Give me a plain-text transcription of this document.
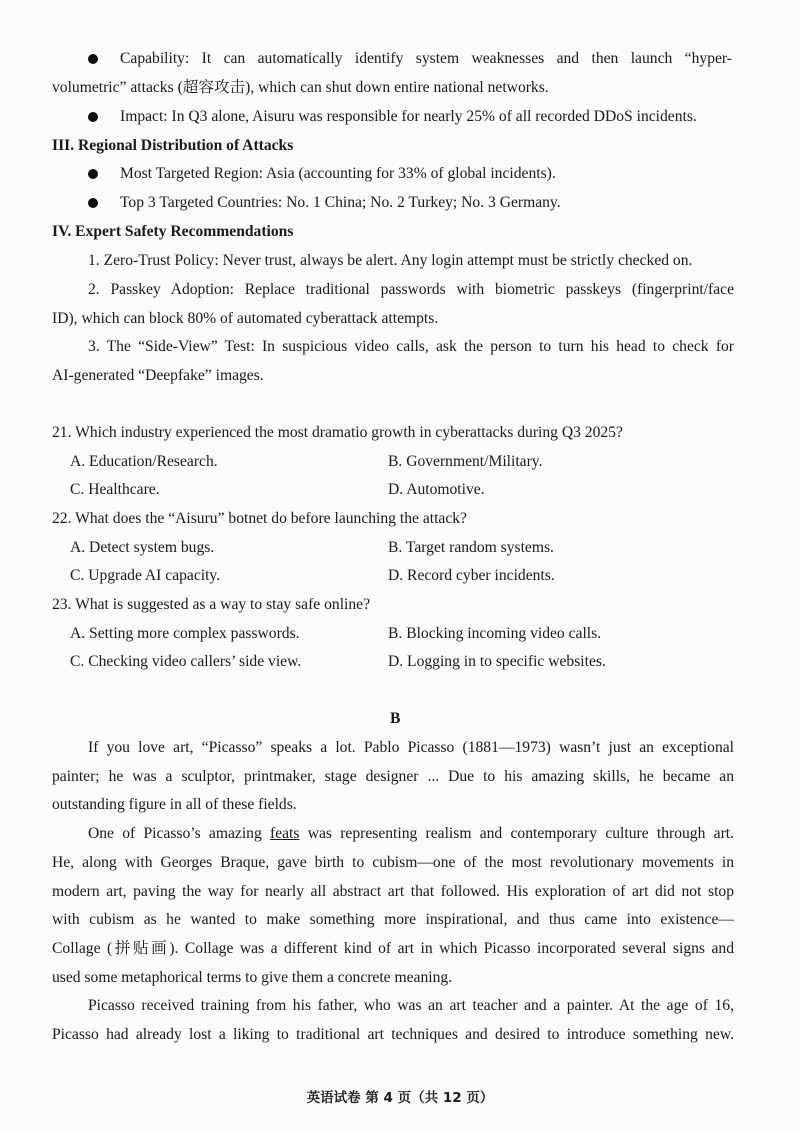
Capability: It can automatically identify system weaknesses and then launch “hyper-
volumetric” attacks (超容攻击), which can shut down entire national networks.
Impact: In Q3 alone, Aisuru was responsible for nearly 25% of all recorded DDoS incidents.
III. Regional Distribution of Attacks
Most Targeted Region: Asia (accounting for 33% of global incidents).
Top 3 Targeted Countries: No. 1 China; No. 2 Turkey; No. 3 Germany.
IV. Expert Safety Recommendations
1. Zero-Trust Policy: Never trust, always be alert. Any login attempt must be strictly checked on.
2. Passkey Adoption: Replace traditional passwords with biometric passkeys (fingerprint/face
ID), which can block 80% of automated cyberattack attempts.
3. The “Side-View” Test: In suspicious video calls, ask the person to turn his head to check for
AI-generated “Deepfake” images.
21. Which industry experienced the most dramatio growth in cyberattacks during Q3 2025?
A. Education/Research.	B. Government/Military.
C. Healthcare.	D. Automotive.
22. What does the “Aisuru” botnet do before launching the attack?
A. Detect system bugs.	B. Target random systems.
C. Upgrade AI capacity.	D. Record cyber incidents.
23. What is suggested as a way to stay safe online?
A. Setting more complex passwords.	B. Blocking incoming video calls.
C. Checking video callers’ side view.	D. Logging in to specific websites.
B
If you love art, “Picasso” speaks a lot. Pablo Picasso (1881—1973) wasn’t just an exceptional
painter; he was a sculptor, printmaker, stage designer ... Due to his amazing skills, he became an
outstanding figure in all of these fields.
One of Picasso’s amazing feats was representing realism and contemporary culture through art.
He, along with Georges Braque, gave birth to cubism—one of the most revolutionary movements in
modern art, paving the way for nearly all abstract art that followed. His exploration of art did not stop
with cubism as he wanted to make something more inspirational, and thus came into existence—
Collage (拼贴画). Collage was a different kind of art in which Picasso incorporated several signs and
used some metaphorical terms to give them a concrete meaning.
Picasso received training from his father, who was an art teacher and a painter. At the age of 16,
Picasso had already lost a liking to traditional art techniques and desired to introduce something new.
英语试卷 第 4 页（共 12 页）
